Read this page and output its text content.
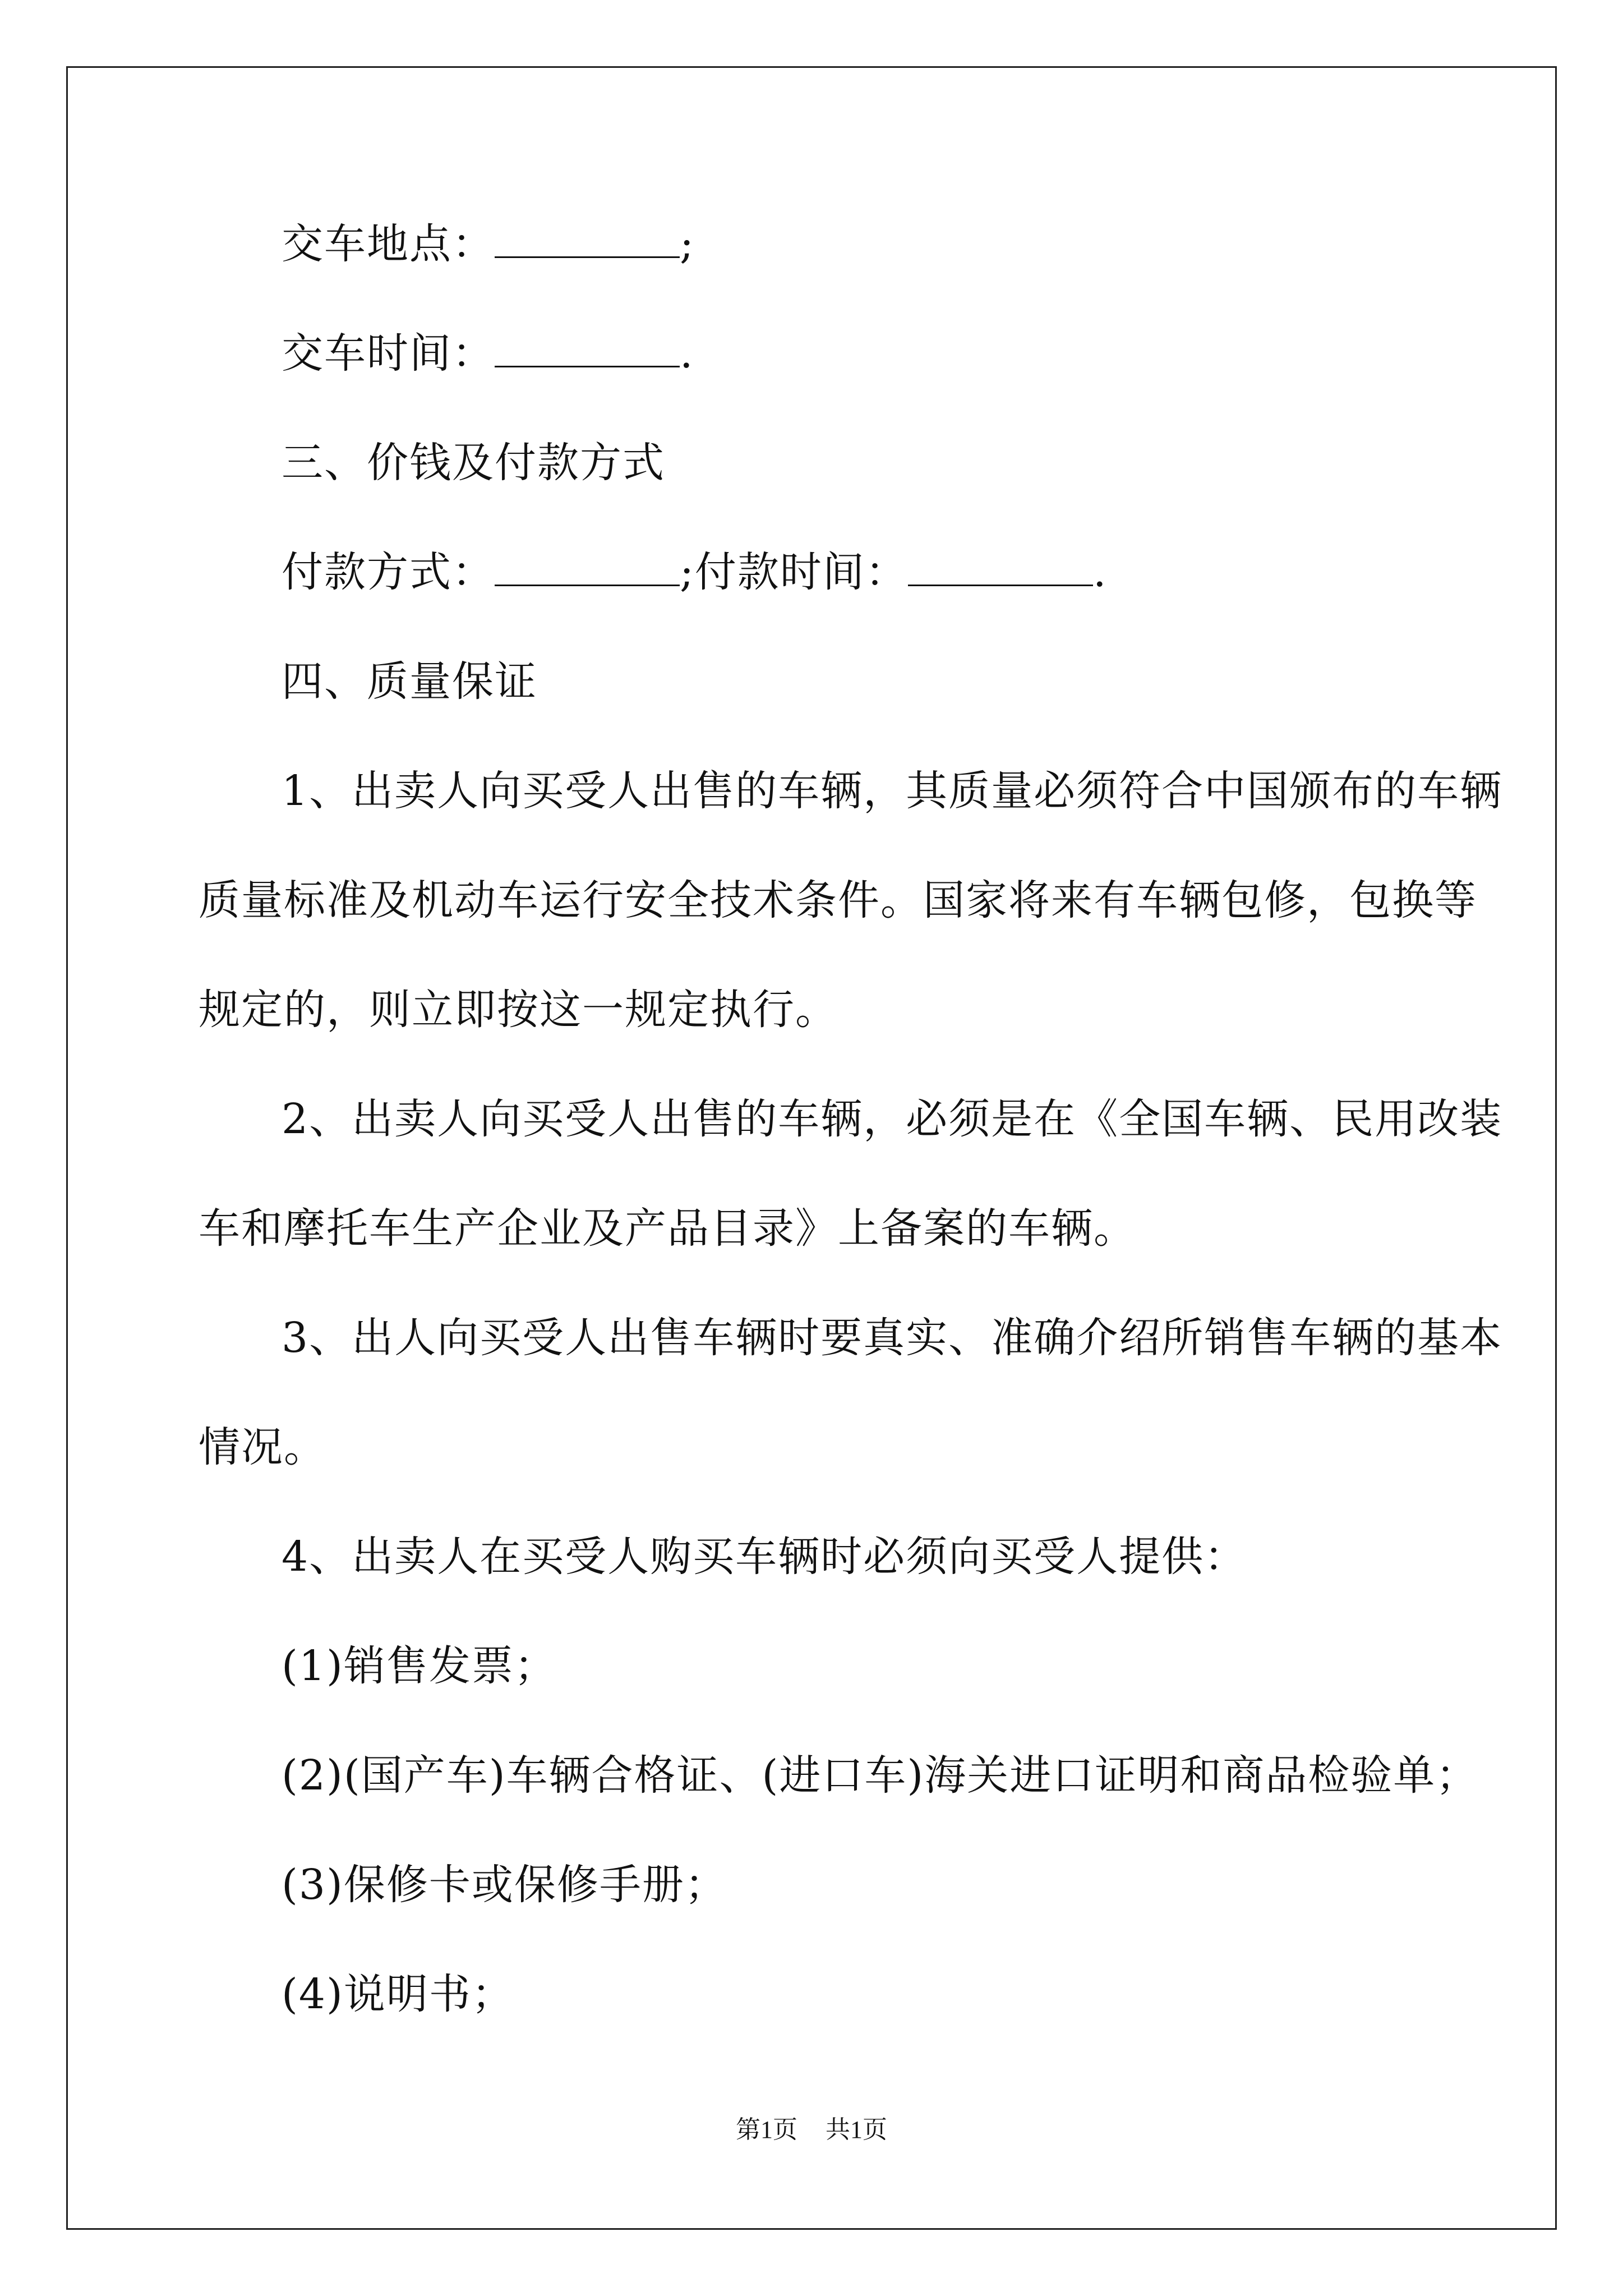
交车地点：	;
交车时间：	.
三、价钱及付款方式
付款方式：	;付款时间：	.
四、质量保证
1、出卖人向买受人出售的车辆，其质量必须符合中国颁布的车辆
质量标准及机动车运行安全技术条件。国家将来有车辆包修，包换等
规定的，则立即按这一规定执行。
2、出卖人向买受人出售的车辆，必须是在《全国车辆、民用改装
车和摩托车生产企业及产品目录》上备案的车辆。
3、出人向买受人出售车辆时要真实、准确介绍所销售车辆的基本
情况。
4、出卖人在买受人购买车辆时必须向买受人提供：
(1)销售发票；
(2)(国产车)车辆合格证、(进口车)海关进口证明和商品检验单；
(3)保修卡或保修手册；
(4)说明书；
第1页 共1页
